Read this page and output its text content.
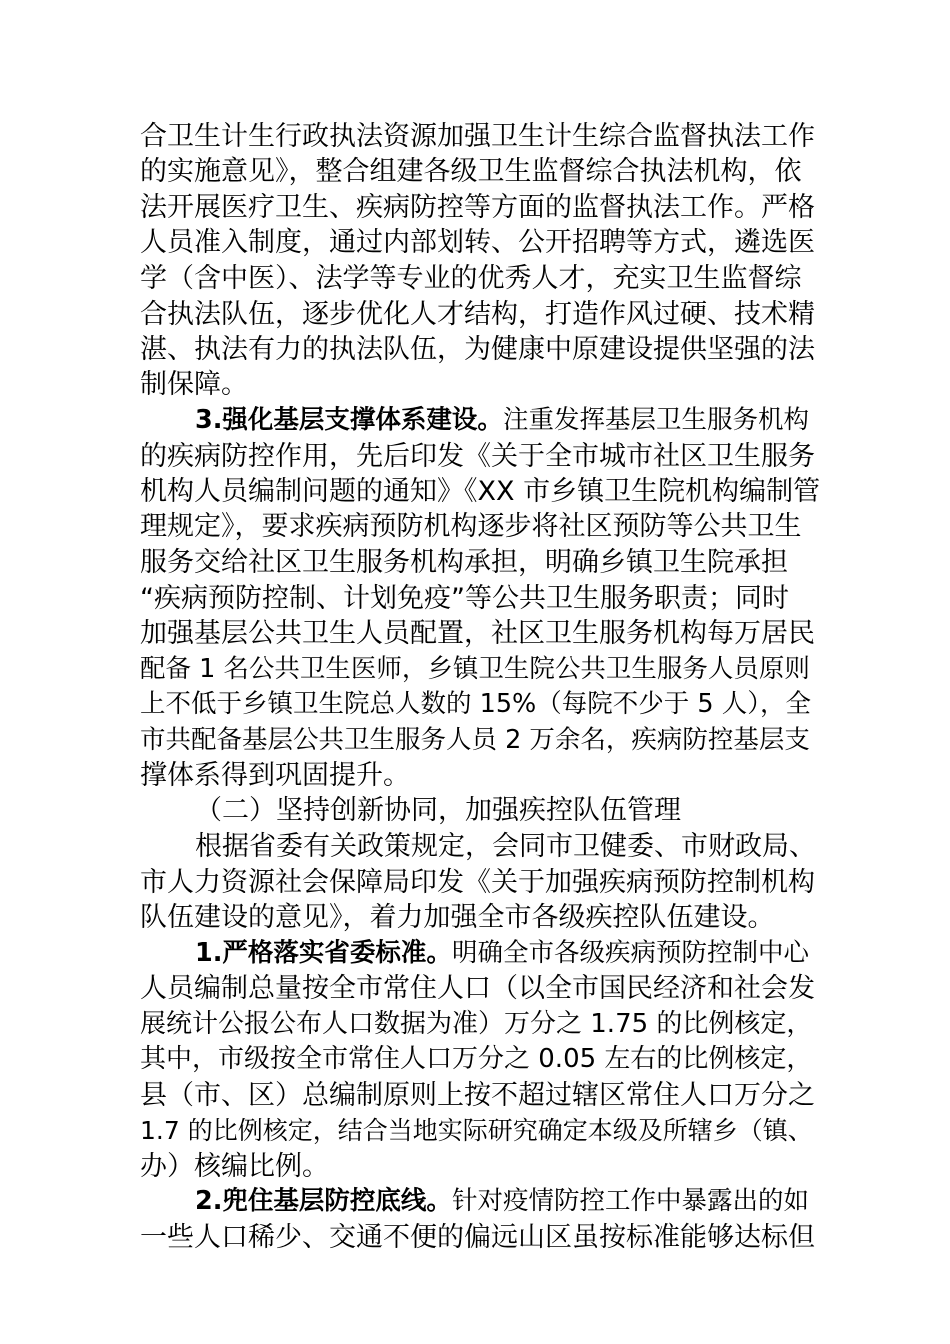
合卫生计生行政执法资源加强卫生计生综合监督执法工作
的实施意见》，整合组建各级卫生监督综合执法机构，依
法开展医疗卫生、疾病防控等方面的监督执法工作。严格
人员准入制度，通过内部划转、公开招聘等方式，遴选医
学（含中医）、法学等专业的优秀人才，充实卫生监督综
合执法队伍，逐步优化人才结构，打造作风过硬、技术精
湛、执法有力的执法队伍，为健康中原建设提供坚强的法
制保障。
3.强化基层支撑体系建设。注重发挥基层卫生服务机构
的疾病防控作用，先后印发《关于全市城市社区卫生服务
机构人员编制问题的通知》《XX 市乡镇卫生院机构编制管
理规定》，要求疾病预防机构逐步将社区预防等公共卫生
服务交给社区卫生服务机构承担，明确乡镇卫生院承担
“疾病预防控制、计划免疫”等公共卫生服务职责；同时
加强基层公共卫生人员配置，社区卫生服务机构每万居民
配备 1 名公共卫生医师，乡镇卫生院公共卫生服务人员原则
上不低于乡镇卫生院总人数的 15%（每院不少于 5 人），全
市共配备基层公共卫生服务人员 2 万余名，疾病防控基层支
撑体系得到巩固提升。
（二）坚持创新协同，加强疾控队伍管理
根据省委有关政策规定，会同市卫健委、市财政局、
市人力资源社会保障局印发《关于加强疾病预防控制机构
队伍建设的意见》，着力加强全市各级疾控队伍建设。
1.严格落实省委标准。明确全市各级疾病预防控制中心
人员编制总量按全市常住人口（以全市国民经济和社会发
展统计公报公布人口数据为准）万分之 1.75 的比例核定，
其中，市级按全市常住人口万分之 0.05 左右的比例核定，
县（市、区）总编制原则上按不超过辖区常住人口万分之
1.7 的比例核定，结合当地实际研究确定本级及所辖乡（镇、
办）核编比例。
2.兜住基层防控底线。针对疫情防控工作中暴露出的如
一些人口稀少、交通不便的偏远山区虽按标准能够达标但
